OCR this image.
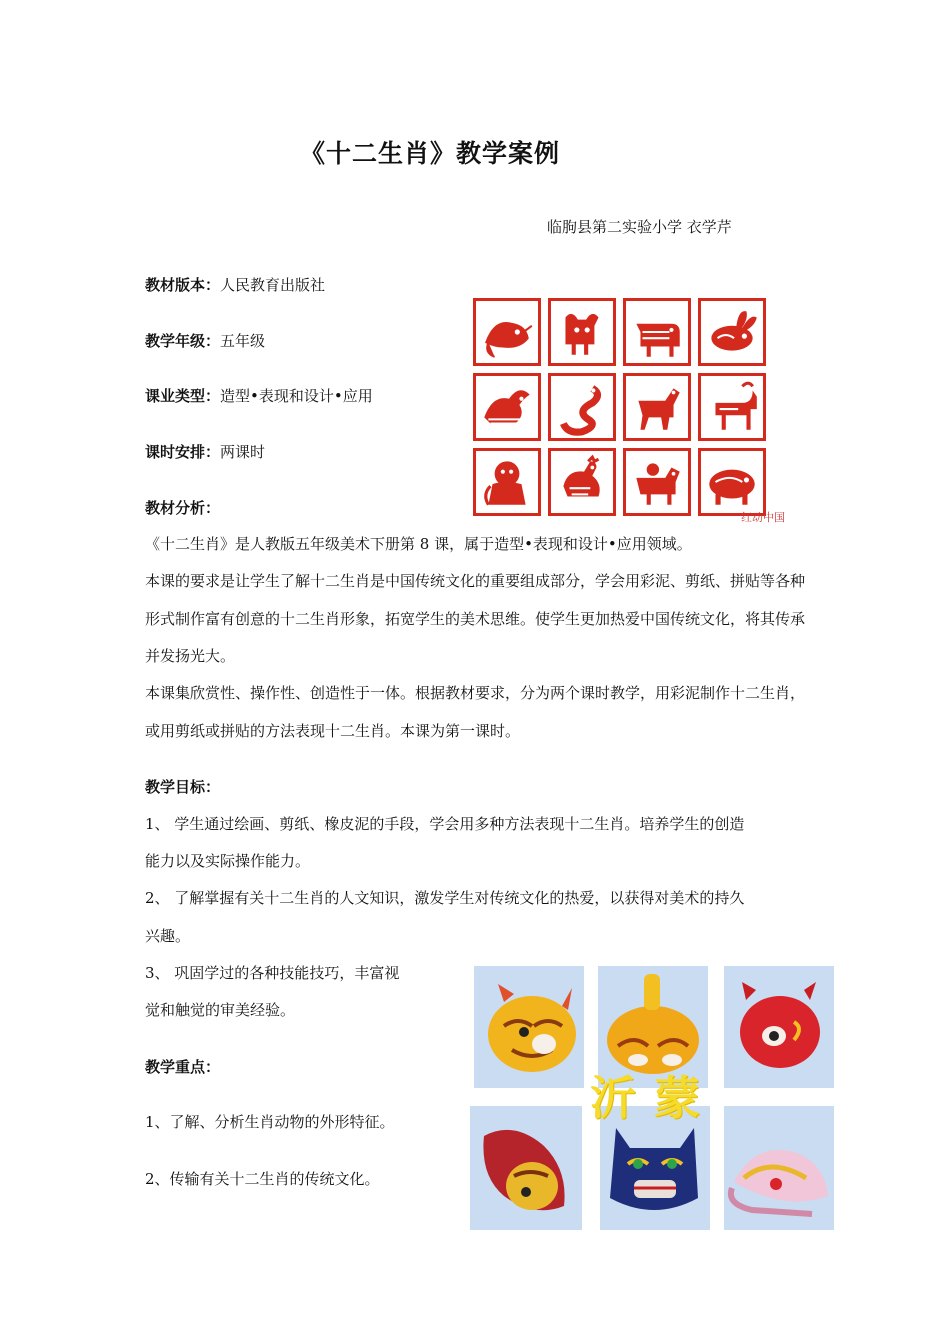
《十二生肖》教学案例
临朐县第二实验小学 衣学芹
教材版本：人民教育出版社
教学年级：五年级
课业类型：造型•表现和设计•应用
课时安排：两课时
教材分析：
《十二生肖》是人教版五年级美术下册第 8 课，属于造型•表现和设计•应用领域。
本课的要求是让学生了解十二生肖是中国传统文化的重要组成部分，学会用彩泥、剪纸、拼贴等各种形式制作富有创意的十二生肖形象，拓宽学生的美术思维。使学生更加热爱中国传统文化，将其传承并发扬光大。
本课集欣赏性、操作性、创造性于一体。根据教材要求，分为两个课时教学，用彩泥制作十二生肖，或用剪纸或拼贴的方法表现十二生肖。本课为第一课时。
教学目标：
1、 学生通过绘画、剪纸、橡皮泥的手段，学会用多种方法表现十二生肖。培养学生的创造
能力以及实际操作能力。
2、 了解掌握有关十二生肖的人文知识，激发学生对传统文化的热爱，以获得对美术的持久
兴趣。
3、 巩固学过的各种技能技巧，丰富视
觉和触觉的审美经验。
教学重点：
1、了解、分析生肖动物的外形特征。
2、传输有关十二生肖的传统文化。
红动中国
沂蒙
